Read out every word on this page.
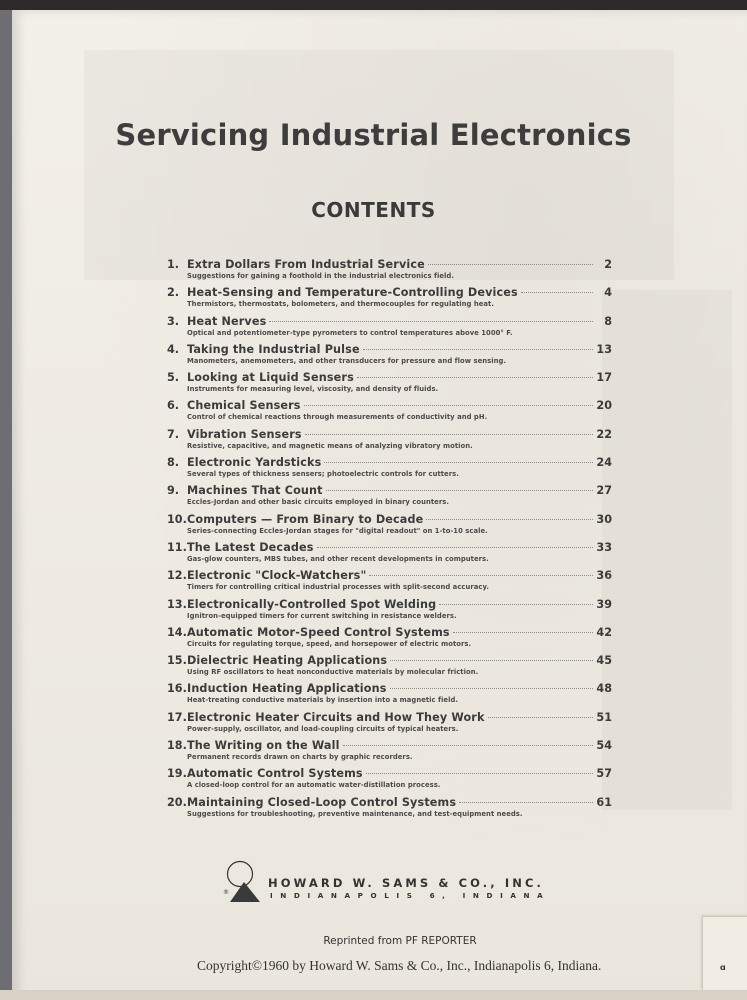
Servicing Industrial Electronics
CONTENTS
1. Extra Dollars From Industrial Service	2
Suggestions for gaining a foothold in the industrial electronics field.
2. Heat-Sensing and Temperature-Controlling Devices	4
Thermistors, thermostats, bolometers, and thermocouples for regulating heat.
3. Heat Nerves	8
Optical and potentiometer-type pyrometers to control temperatures above 1000° F.
4. Taking the Industrial Pulse	13
Manometers, anemometers, and other transducers for pressure and flow sensing.
5. Looking at Liquid Sensers	17
Instruments for measuring level, viscosity, and density of fluids.
6. Chemical Sensers	20
Control of chemical reactions through measurements of conductivity and pH.
7. Vibration Sensers	22
Resistive, capacitive, and magnetic means of analyzing vibratory motion.
8. Electronic Yardsticks	24
Several types of thickness sensers; photoelectric controls for cutters.
9. Machines That Count	27
Eccles-Jordan and other basic circuits employed in binary counters.
10. Computers — From Binary to Decade	30
Series-connecting Eccles-Jordan stages for "digital readout" on 1-to-10 scale.
11. The Latest Decades	33
Gas-glow counters, MBS tubes, and other recent developments in computers.
12. Electronic "Clock-Watchers"	36
Timers for controlling critical industrial processes with split-second accuracy.
13. Electronically-Controlled Spot Welding	39
Ignitron-equipped timers for current switching in resistance welders.
14. Automatic Motor-Speed Control Systems	42
Circuits for regulating torque, speed, and horsepower of electric motors.
15. Dielectric Heating Applications	45
Using RF oscillators to heat nonconductive materials by molecular friction.
16. Induction Heating Applications	48
Heat-treating conductive materials by insertion into a magnetic field.
17. Electronic Heater Circuits and How They Work	51
Power-supply, oscillator, and load-coupling circuits of typical heaters.
18. The Writing on the Wall	54
Permanent records drawn on charts by graphic recorders.
19. Automatic Control Systems	57
A closed-loop control for an automatic water-distillation process.
20. Maintaining Closed-Loop Control Systems	61
Suggestions for troubleshooting, preventive maintenance, and test-equipment needs.
®
HOWARD W. SAMS & CO., INC.
INDIANAPOLIS 6, INDIANA
Reprinted from PF REPORTER
Copyright©1960 by Howard W. Sams & Co., Inc., Indianapolis 6, Indiana.	ɑ
